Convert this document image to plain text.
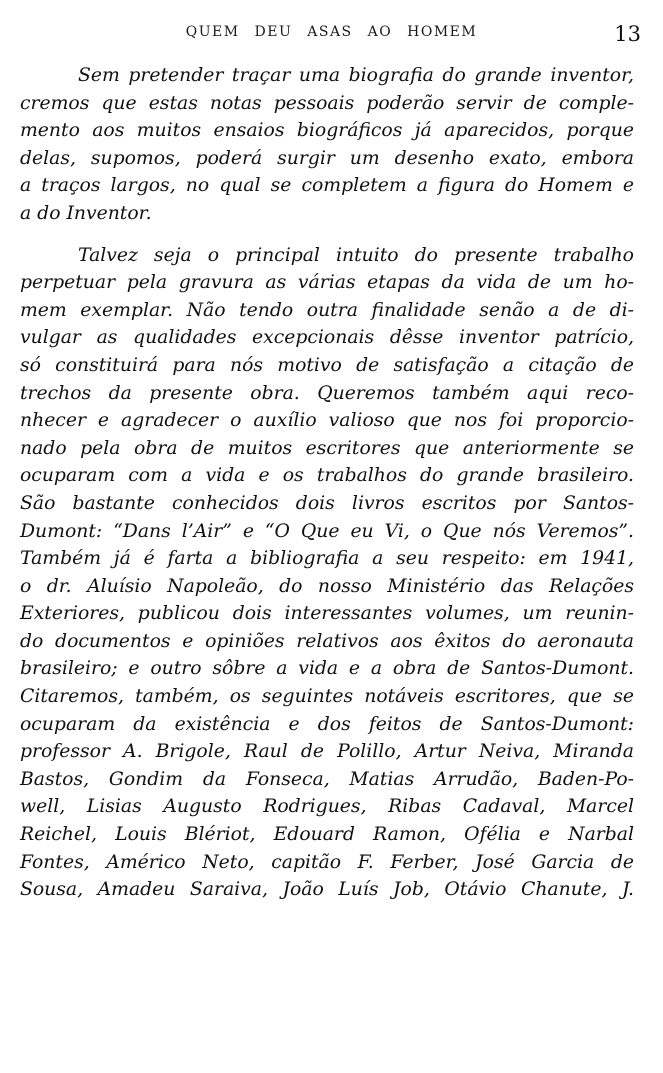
QUEM DEU ASAS AO HOMEM	13
Sem pretender traçar uma biografia do grande inventor,
cremos que estas notas pessoais poderão servir de comple-
mento aos muitos ensaios biográficos já aparecidos, porque
delas, supomos, poderá surgir um desenho exato, embora
a traços largos, no qual se completem a figura do Homem e
a do Inventor.
Talvez seja o principal intuito do presente trabalho
perpetuar pela gravura as várias etapas da vida de um ho-
mem exemplar. Não tendo outra finalidade senão a de di-
vulgar as qualidades excepcionais dêsse inventor patrício,
só constituirá para nós motivo de satisfação a citação de
trechos da presente obra. Queremos também aqui reco-
nhecer e agradecer o auxílio valioso que nos foi proporcio-
nado pela obra de muitos escritores que anteriormente se
ocuparam com a vida e os trabalhos do grande brasileiro.
São bastante conhecidos dois livros escritos por Santos-
Dumont: “Dans l’Air” e “O Que eu Vi, o Que nós Veremos”.
Também já é farta a bibliografia a seu respeito: em 1941,
o dr. Aluísio Napoleão, do nosso Ministério das Relações
Exteriores, publicou dois interessantes volumes, um reunin-
do documentos e opiniões relativos aos êxitos do aeronauta
brasileiro; e outro sôbre a vida e a obra de Santos-Dumont.
Citaremos, também, os seguintes notáveis escritores, que se
ocuparam da existência e dos feitos de Santos-Dumont:
professor A. Brigole, Raul de Polillo, Artur Neiva, Miranda
Bastos, Gondim da Fonseca, Matias Arrudão, Baden-Po-
well, Lisias Augusto Rodrigues, Ribas Cadaval, Marcel
Reichel, Louis Blériot, Edouard Ramon, Ofélia e Narbal
Fontes, Américo Neto, capitão F. Ferber, José Garcia de
Sousa, Amadeu Saraiva, João Luís Job, Otávio Chanute, J.
